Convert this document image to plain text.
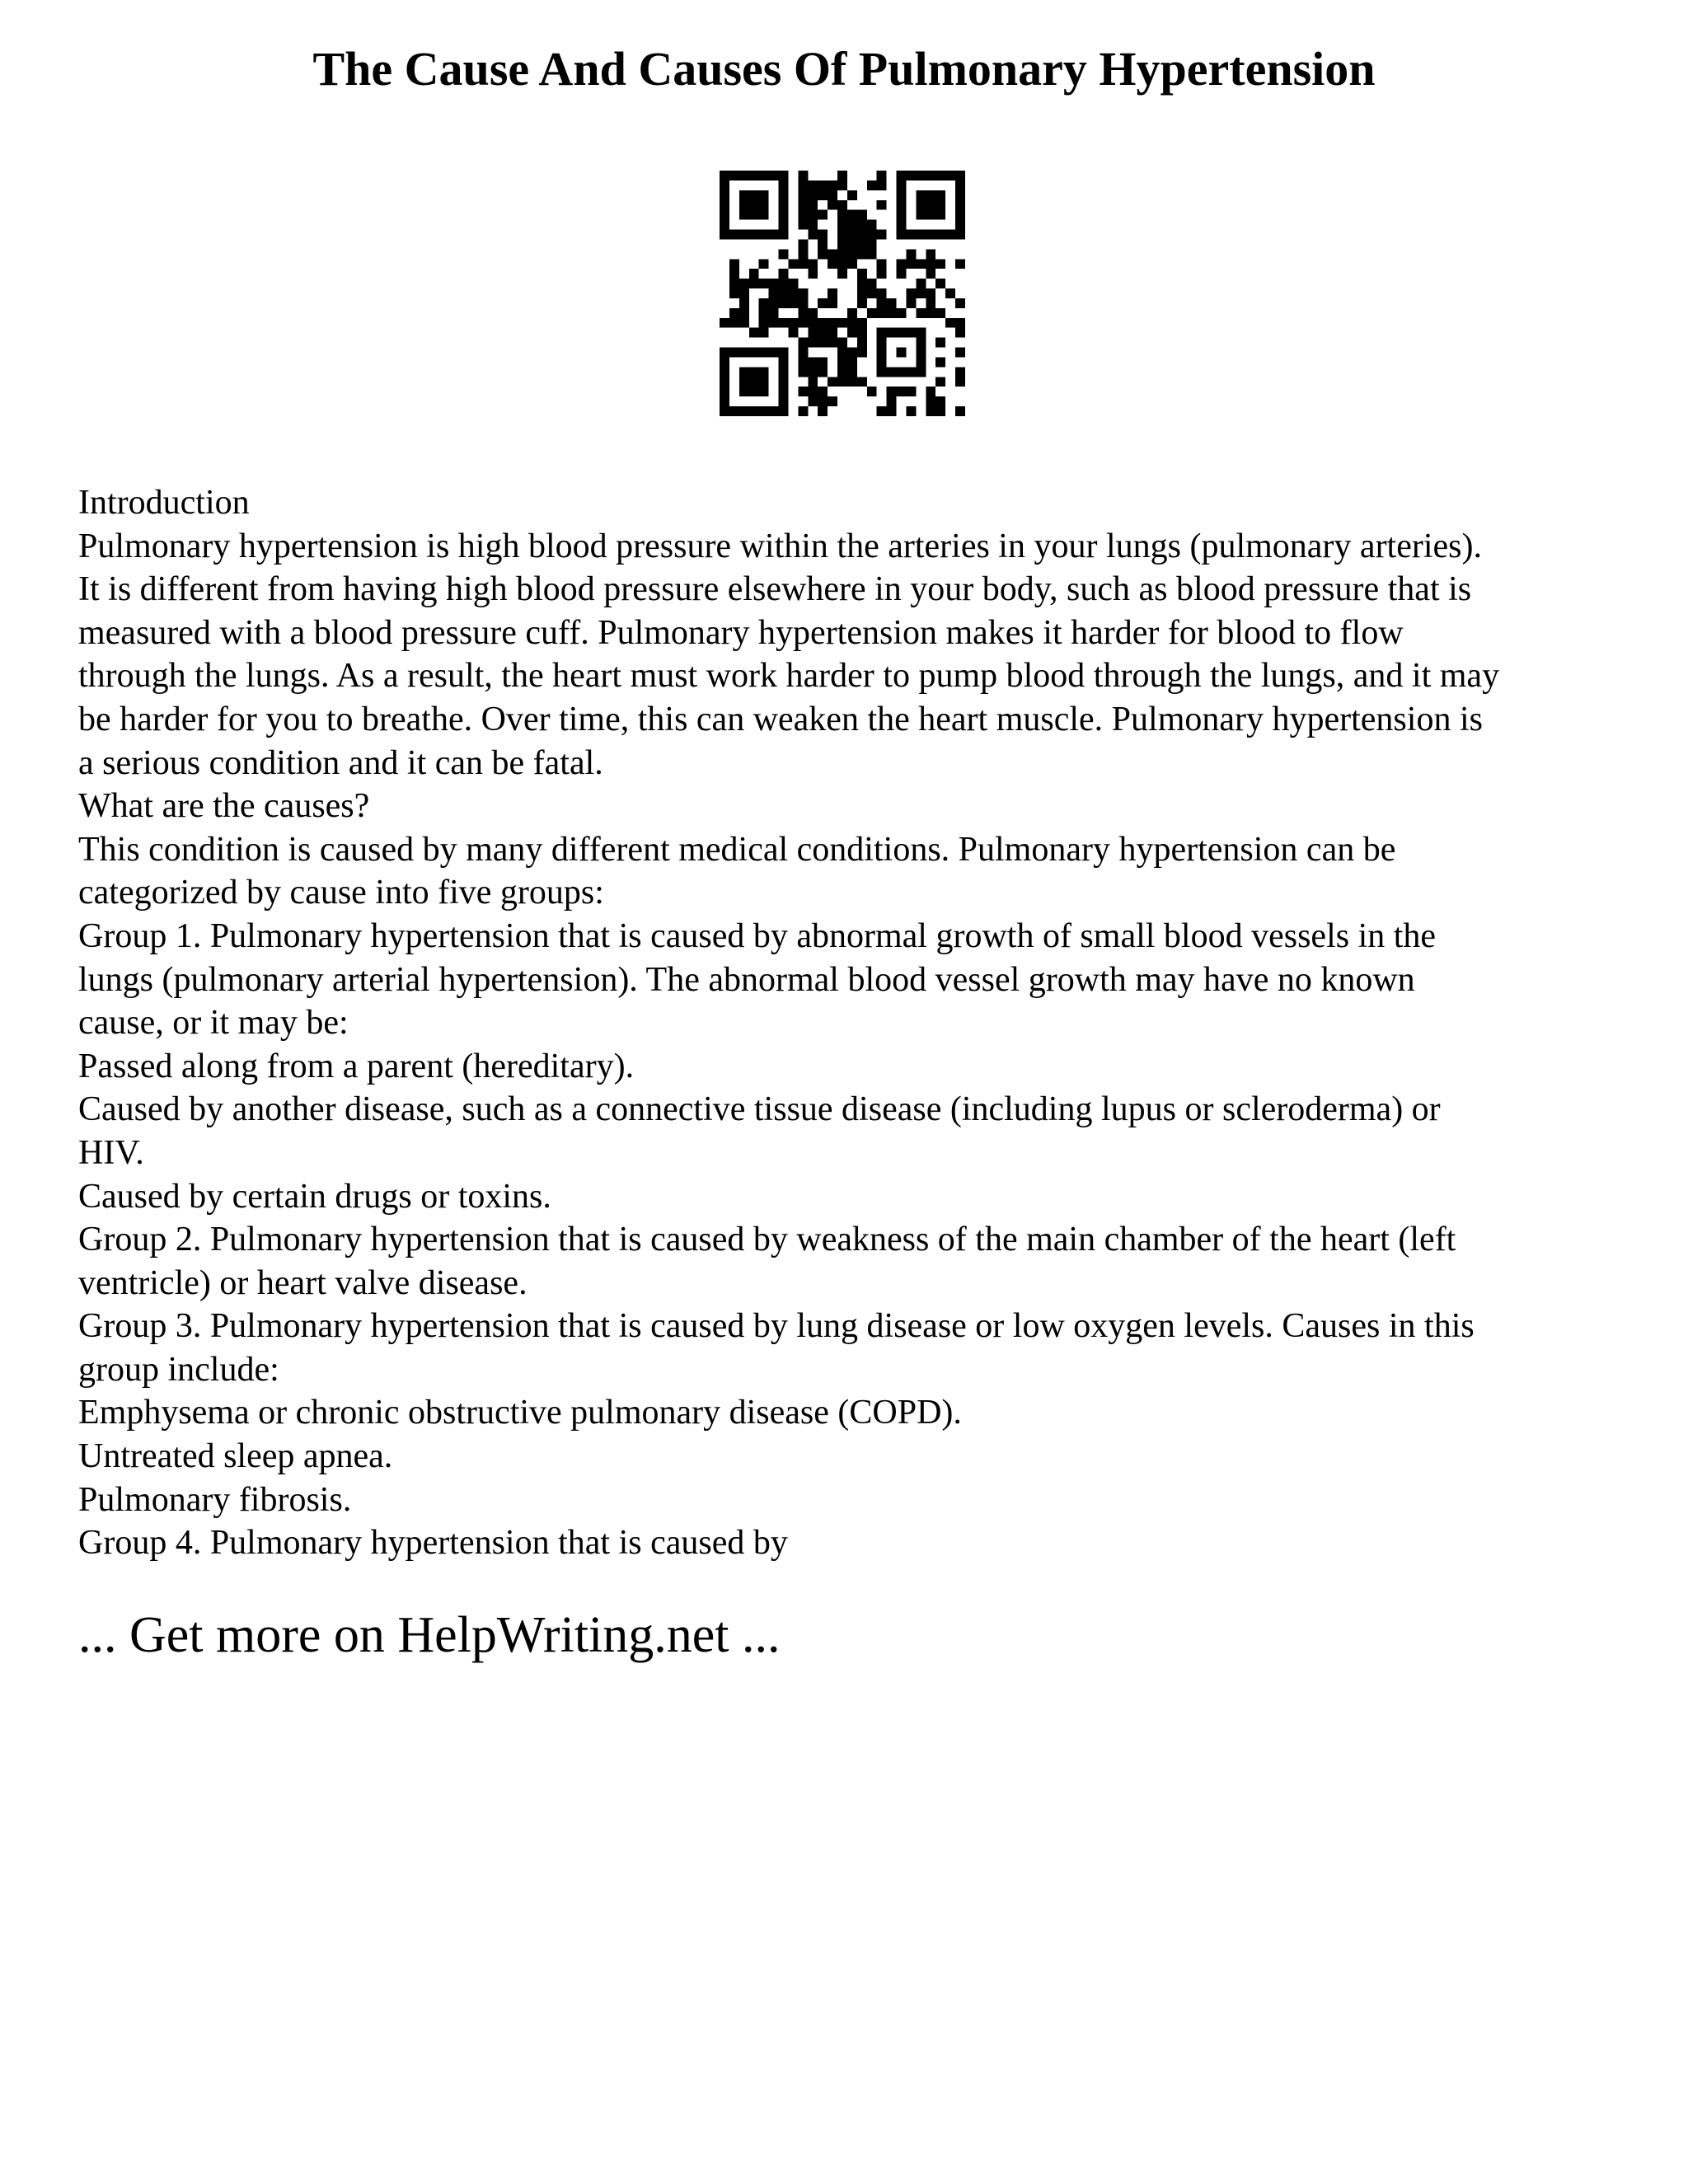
The Cause And Causes Of Pulmonary Hypertension
Introduction
Pulmonary hypertension is high blood pressure within the arteries in your lungs (pulmonary arteries).
It is different from having high blood pressure elsewhere in your body, such as blood pressure that is
measured with a blood pressure cuff. Pulmonary hypertension makes it harder for blood to flow
through the lungs. As a result, the heart must work harder to pump blood through the lungs, and it may
be harder for you to breathe. Over time, this can weaken the heart muscle. Pulmonary hypertension is
a serious condition and it can be fatal.
What are the causes?
This condition is caused by many different medical conditions. Pulmonary hypertension can be
categorized by cause into five groups:
Group 1. Pulmonary hypertension that is caused by abnormal growth of small blood vessels in the
lungs (pulmonary arterial hypertension). The abnormal blood vessel growth may have no known
cause, or it may be:
Passed along from a parent (hereditary).
Caused by another disease, such as a connective tissue disease (including lupus or scleroderma) or
HIV.
Caused by certain drugs or toxins.
Group 2. Pulmonary hypertension that is caused by weakness of the main chamber of the heart (left
ventricle) or heart valve disease.
Group 3. Pulmonary hypertension that is caused by lung disease or low oxygen levels. Causes in this
group include:
Emphysema or chronic obstructive pulmonary disease (COPD).
Untreated sleep apnea.
Pulmonary fibrosis.
Group 4. Pulmonary hypertension that is caused by
... Get more on HelpWriting.net ...
